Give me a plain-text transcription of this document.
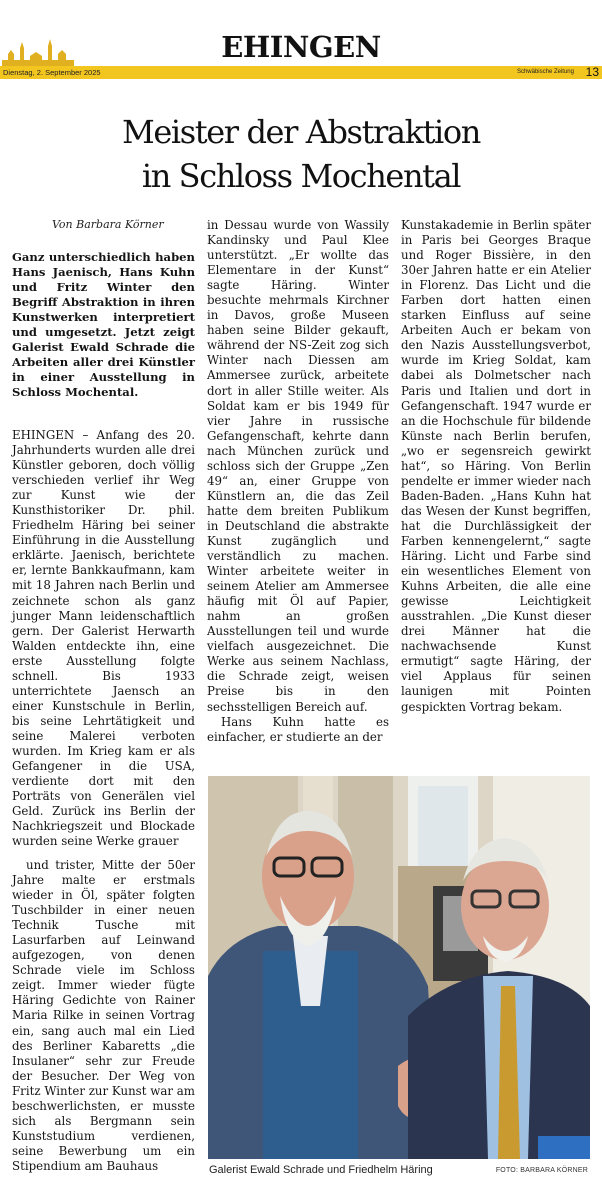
EHINGEN
Dienstag, 2. September 2025	Schwäbische Zeitung 13
Meister der Abstraktion
in Schloss Mochental
Von Barbara Körner
Ganz unterschiedlich haben Hans Jaenisch, Hans Kuhn und Fritz Winter den Begriff Abstraktion in ihren Kunstwerken interpretiert und umgesetzt. Jetzt zeigt Galerist Ewald Schrade die Arbeiten aller drei Künstler in einer Ausstellung in Schloss Mochental.

EHINGEN – Anfang des 20. Jahrhunderts wurden alle drei Künstler geboren, doch völlig verschieden verlief ihr Weg zur Kunst wie der Kunsthistoriker Dr. phil. Friedhelm Häring bei seiner Einführung in die Ausstellung erklärte. Jaenisch, berichtete er, lernte Bankkaufmann, kam mit 18 Jahren nach Berlin und zeichnete schon als ganz junger Mann leidenschaftlich gern. Der Galerist Herwarth Walden entdeckte ihn, eine erste Ausstellung folgte schnell. Bis 1933 unterrichtete Jaensch an einer Kunstschule in Berlin, bis seine Lehrtätigkeit und seine Malerei verboten wurden. Im Krieg kam er als Gefangener in die USA, verdiente dort mit den Porträts von Generälen viel Geld. Zurück ins Berlin der Nachkriegszeit und Blockade wurden seine Werke grauer

und trister, Mitte der 50er Jahre malte er erstmals wieder in Öl, später folgten Tuschbilder in einer neuen Technik Tusche mit Lasurfarben auf Leinwand aufgezogen, von denen Schrade viele im Schloss zeigt. Immer wieder fügte Häring Gedichte von Rainer Maria Rilke in seinen Vortrag ein, sang auch mal ein Lied des Berliner Kabaretts „die Insulaner“ sehr zur Freude der Besucher. Der Weg von Fritz Winter zur Kunst war am beschwerlichsten, er musste sich als Bergmann sein Kunststudium verdienen, seine Bewerbung um ein Stipendium am Bauhaus

in Dessau wurde von Wassily Kandinsky und Paul Klee unterstützt. „Er wollte das Elementare in der Kunst“ sagte Häring. Winter besuchte mehrmals Kirchner in Davos, große Museen haben seine Bilder gekauft, während der NS-Zeit zog sich Winter nach Diessen am Ammersee zurück, arbeitete dort in aller Stille weiter. Als Soldat kam er bis 1949 für vier Jahre in russische Gefangenschaft, kehrte dann nach München zurück und schloss sich der Gruppe „Zen 49“ an, einer Gruppe von Künstlern an, die das Zeil hatte dem breiten Publikum in Deutschland die abstrakte Kunst zugänglich und verständlich zu machen. Winter arbeitete weiter in seinem Atelier am Ammersee häufig mit Öl auf Papier, nahm an großen Ausstellungen teil und wurde vielfach ausgezeichnet. Die Werke aus seinem Nachlass, die Schrade zeigt, weisen Preise bis in den sechsstelligen Bereich auf.

Hans Kuhn hatte es einfacher, er studierte an der

Kunstakademie in Berlin später in Paris bei Georges Braque und Roger Bissière, in den 30er Jahren hatte er ein Atelier in Florenz. Das Licht und die Farben dort hatten einen starken Einfluss auf seine Arbeiten Auch er bekam von den Nazis Ausstellungsverbot, wurde im Krieg Soldat, kam dabei als Dolmetscher nach Paris und Italien und dort in Gefangenschaft. 1947 wurde er an die Hochschule für bildende Künste nach Berlin berufen, „wo er segensreich gewirkt hat“, so Häring. Von Berlin pendelte er immer wieder nach Baden-Baden. „Hans Kuhn hat das Wesen der Kunst begriffen, hat die Durchlässigkeit der Farben kennengelernt,“ sagte Häring. Licht und Farbe sind ein wesentliches Element von Kuhns Arbeiten, die alle eine gewisse Leichtigkeit ausstrahlen. „Die Kunst dieser drei Männer hat die nachwachsende Kunst ermutigt“ sagte Häring, der viel Applaus für seinen launigen mit Pointen gespickten Vortrag bekam.

Galerist Ewald Schrade und Friedhelm Häring	FOTO: BARBARA KÖRNER
